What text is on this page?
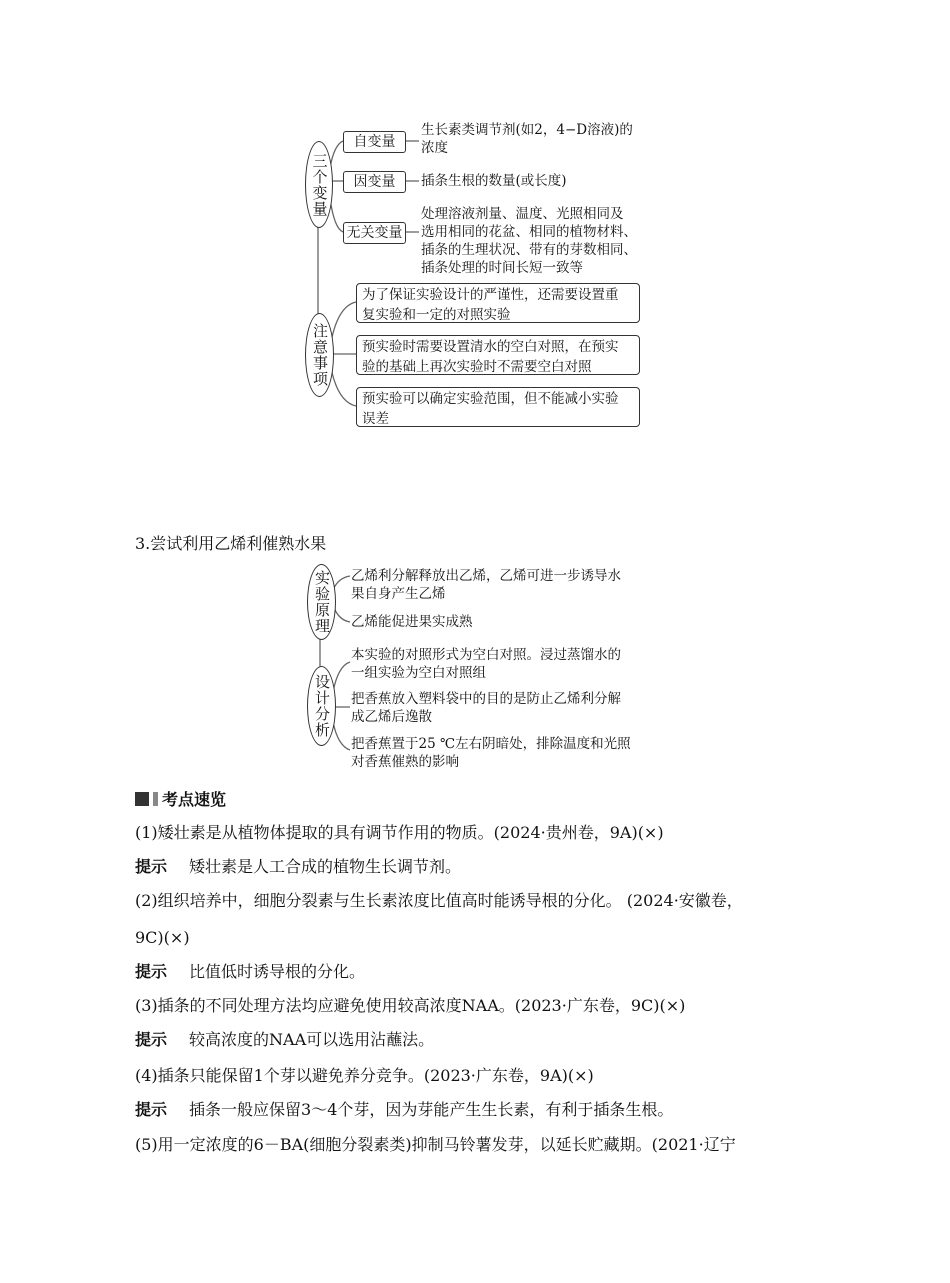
三个变量
自变量
生长素类调节剂(如2，4−D溶液)的
浓度
因变量	插条生根的数量(或长度)
无关变量
处理溶液剂量、温度、光照相同及
选用相同的花盆、相同的植物材料、
插条的生理状况、带有的芽数相同、
插条处理的时间长短一致等
注意事项
为了保证实验设计的严谨性，还需要设置重
复实验和一定的对照实验
预实验时需要设置清水的空白对照，在预实
验的基础上再次实验时不需要空白对照
预实验可以确定实验范围，但不能减小实验
误差
3.尝试利用乙烯利催熟水果
实验原理 乙烯利分解释放出乙烯，乙烯可进一步诱导水
果自身产生乙烯
乙烯能促进果实成熟
设计分析
本实验的对照形式为空白对照。浸过蒸馏水的
一组实验为空白对照组
把香蕉放入塑料袋中的目的是防止乙烯利分解
成乙烯后逸散
把香蕉置于25 ℃左右阴暗处，排除温度和光照
对香蕉催熟的影响
考点速览
(1)矮壮素是从植物体提取的具有调节作用的物质。(2024·贵州卷，9A)(×)
提示 矮壮素是人工合成的植物生长调节剂。
(2)组织培养中，细胞分裂素与生长素浓度比值高时能诱导根的分化。 (2024·安徽卷，
9C)(×)
提示 比值低时诱导根的分化。
(3)插条的不同处理方法均应避免使用较高浓度NAA。(2023·广东卷，9C)(×)
提示 较高浓度的NAA可以选用沾蘸法。
(4)插条只能保留1个芽以避免养分竞争。(2023·广东卷，9A)(×)
提示 插条一般应保留3～4个芽，因为芽能产生生长素，有利于插条生根。
(5)用一定浓度的6－BA(细胞分裂素类)抑制马铃薯发芽，以延长贮藏期。(2021·辽宁
